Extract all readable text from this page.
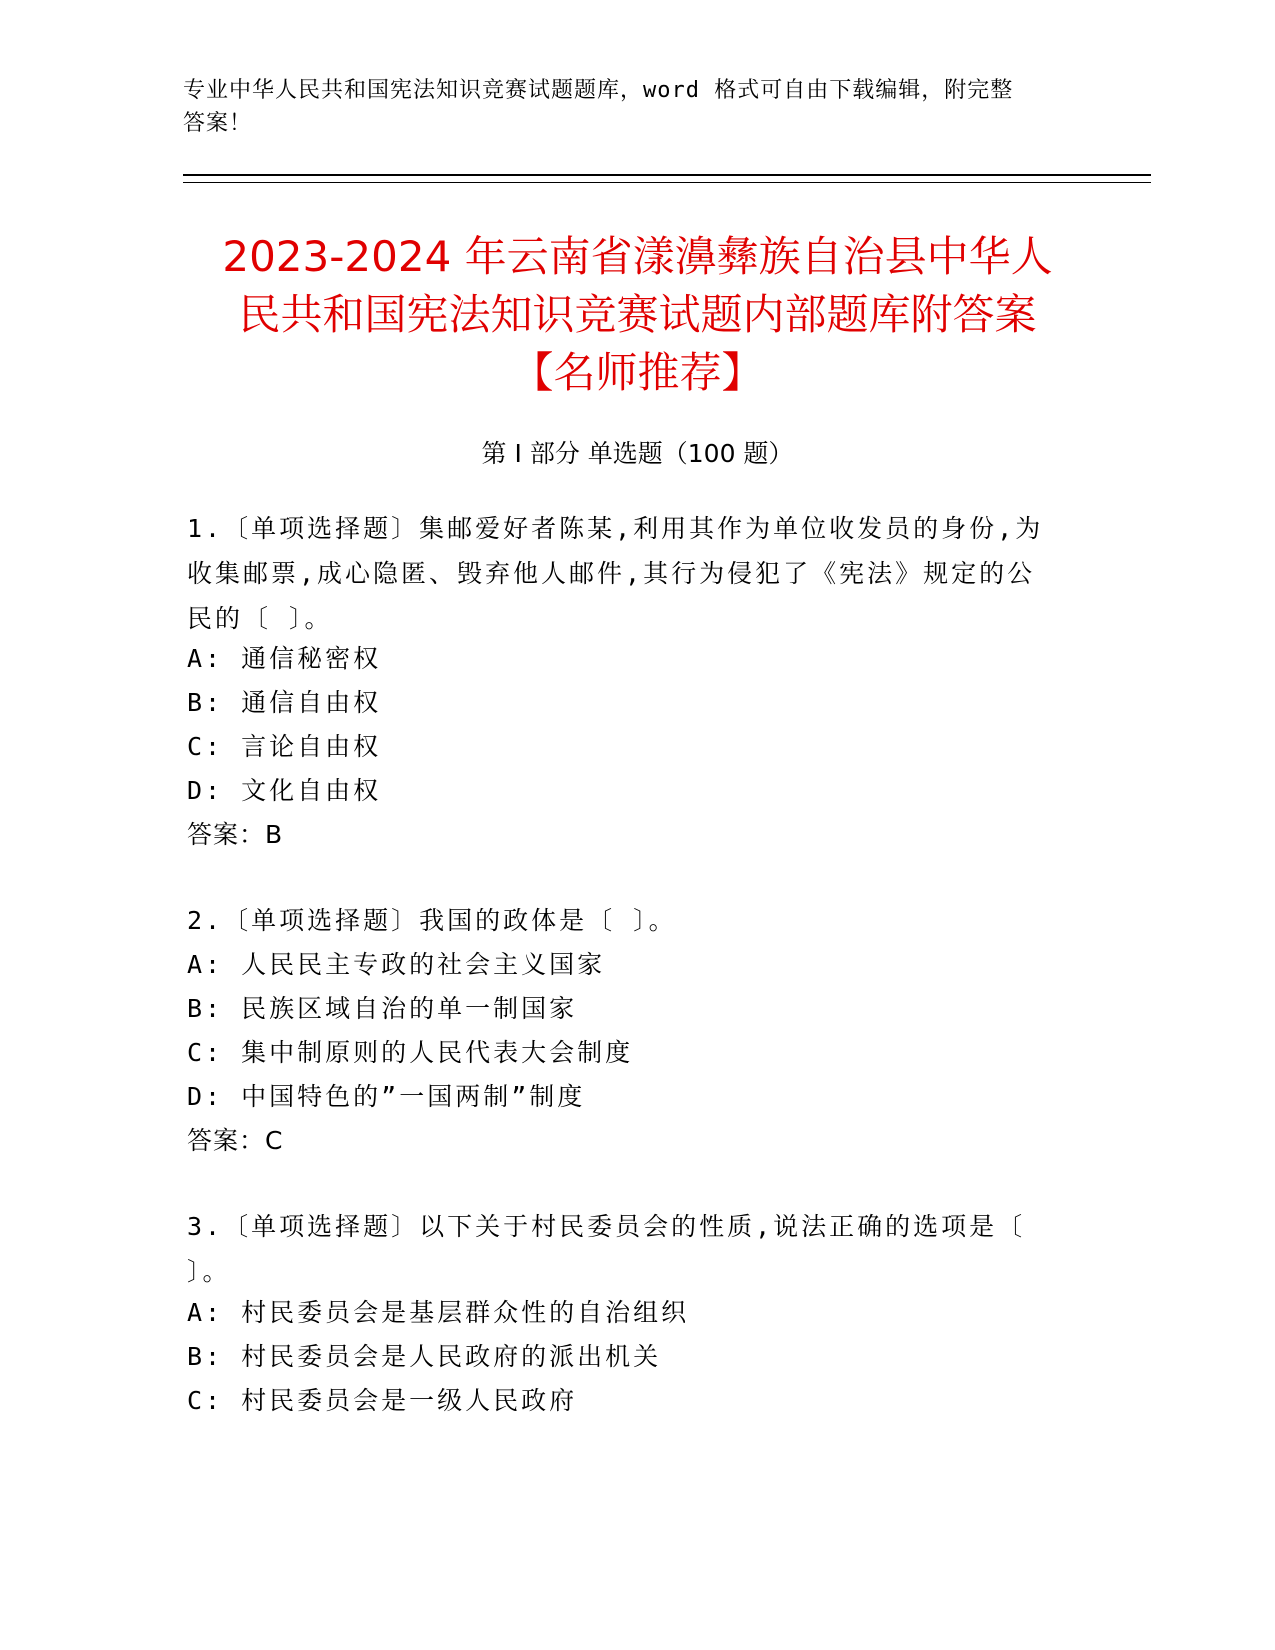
专业中华人民共和国宪法知识竞赛试题题库，word 格式可自由下载编辑，附完整
答案！
2023-2024 年云南省漾濞彝族自治县中华人
民共和国宪法知识竞赛试题内部题库附答案
【名师推荐】
第 I 部分 单选题（100 题）
1.〔单项选择题〕集邮爱好者陈某,利用其作为单位收发员的身份,为
收集邮票,成心隐匿、毁弃他人邮件,其行为侵犯了《宪法》规定的公
民的〔 〕。
A: 通信秘密权
B: 通信自由权
C: 言论自由权
D: 文化自由权
答案：B
2.〔单项选择题〕我国的政体是〔 〕。
A: 人民民主专政的社会主义国家
B: 民族区域自治的单一制国家
C: 集中制原则的人民代表大会制度
D: 中国特色的”一国两制”制度
答案：C
3.〔单项选择题〕以下关于村民委员会的性质,说法正确的选项是〔
〕。
A: 村民委员会是基层群众性的自治组织
B: 村民委员会是人民政府的派出机关
C: 村民委员会是一级人民政府
